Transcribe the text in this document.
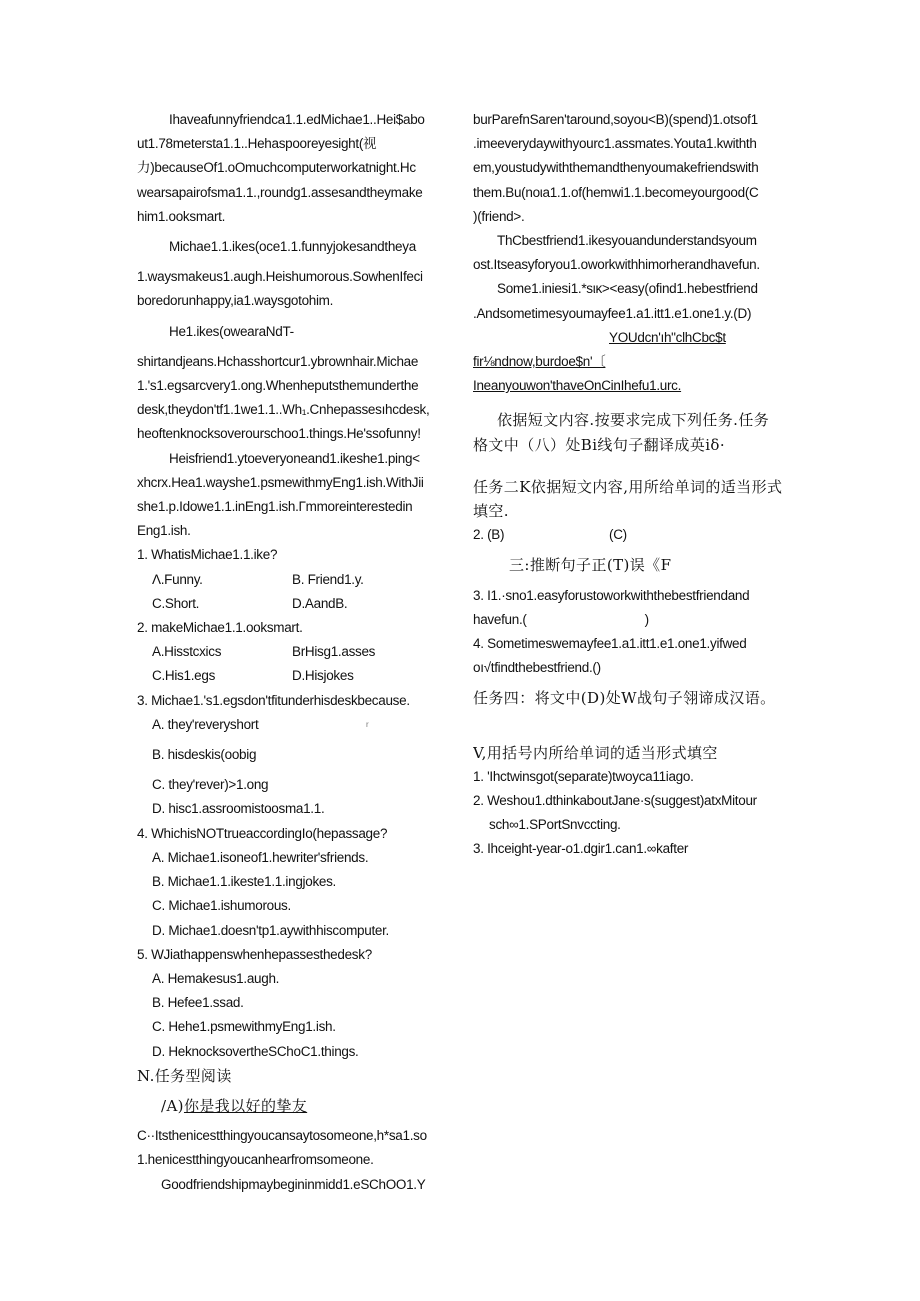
Ihaveafunnyfriendca1.1.edMichae1..Hei$abo
ut1.78metersta1.1..Hehaspooreyesight(视
力)becauseOf1.oOmuchcomputerworkatnight.Hc
wearsapairofsma1.1.,roundg1.assesandtheymake
him1.ooksmart.
Michae1.1.ikes(oce1.1.funnyjokesandtheya
1.waysmakeus1.augh.Heishumorous.SowhenIfeci
boredorunhappy,ia1.waysgotohim.
He1.ikes(owearaNdT-
shirtandjeans.Hchasshortcur1.ybrownhair.Michae
1.'s1.egsarcvery1.ong.Whenheputsthemunderthe
desk,theydon'tf1.1we1.1..Wh₁.Cnhepassesıhcdesk,
heoftenknocksoverourschoo1.things.He'ssofunny!
Heisfriend1.ytoeveryoneand1.ikeshe1.ping<
xhcrx.Hea1.wayshe1.psmewithmyEng1.ish.WithJii
she1.p.Idowe1.1.inEng1.ish.Γmmoreinterestedin
Eng1.ish.
1. WhatisMichae1.1.ike?
Λ.Funny.	B. Friend1.y.
C.Short.	D.AandB.
2. makeMichae1.1.ooksmart.
A.Hisstcxics	BrHisg1.asses
C.His1.egs	D.Hisjokes
3. Michae1.'s1.egsdon'tfitunderhisdeskbecause.
A. they'reveryshort
B. hisdeskis(oobig
C. they'rever)˃1.ong
D. hisc1.assroomistoosma1.1.
4. WhichisNOTtrueaccordingIo(hepassage?
A. Michae1.isoneof1.hewriter'sfriends.
B. Michae1.1.ikeste1.1.ingjokes.
C. Michae1.ishumorous.
D. Michae1.doesn'tp1.aywithhiscomputer.
5. WJiathappenswhenhepassesthedesk?
A. Hemakesus1.augh.
B. Hefee1.ssad.
C. Hehe1.psmewithmyEng1.ish.
D. HeknocksovertheSChoC1.things.
N.任务型阅读
/A)你是我以好的挚友
C··Itsthenicestthingyoucansaytosomeone,h*sa1.so
1.henicestthingyoucanhearfromsomeone.
Goodfriendshipmaybegininmidd1.eSChOO1.Y
r
burParefnSaren'taround,soyou<B)(spend)1.otsof1
.imeeverydaywithyourc1.assmates.Youta1.kwithth
em,youstudywiththemandthenyoumakefriendswith
them.Bu(noιa1.1.of(hemwi1.1.becomeyourgood(C
)(friend>.
ThCbestfriend1.ikesyouandunderstandsyoum
ost.Itseasyforyou1.oworkwithhimorherandhavefun.
Some1.iniesi1.*sιĸ><easy(ofind1.hebestfriend
.Andsometimesyoumayfee1.a1.itt1.e1.one1.y.(D)
YOUdcn'ıh"clhCbc$t
fir⅛ndnow,burdoe$n'〔
Ineanyouwon'thaveOnCinIhefu1.urc.
依据短文内容.按要求完成下列任务.任务
格文中（八）处Bi线句子翻译成英iδ·
任务二K依据短文内容,用所给单词的适当形式
填空.
2. (B)	(C)
三:推断句子正(T)误《F
3. I1.·sno1.easyforustoworkwiththebestfriendand
havefun.(	)
4. Sometimeswemayfee1.a1.itt1.e1.one1.yifwed
oı√tfindthebestfriend.()
任务四：将文中(D)处W战句子翎谛成汉语。
V,用括号内所给单词的适当形式填空
1. 'Ihctwinsgot(separate)twoyca11iago.
2. Weshou1.dthinkaboutJane·s(suggest)atxMitour
sch∞1.SPortSnvccting.
3. Ihceight-year-o1.dgir1.can1.∞kafter
